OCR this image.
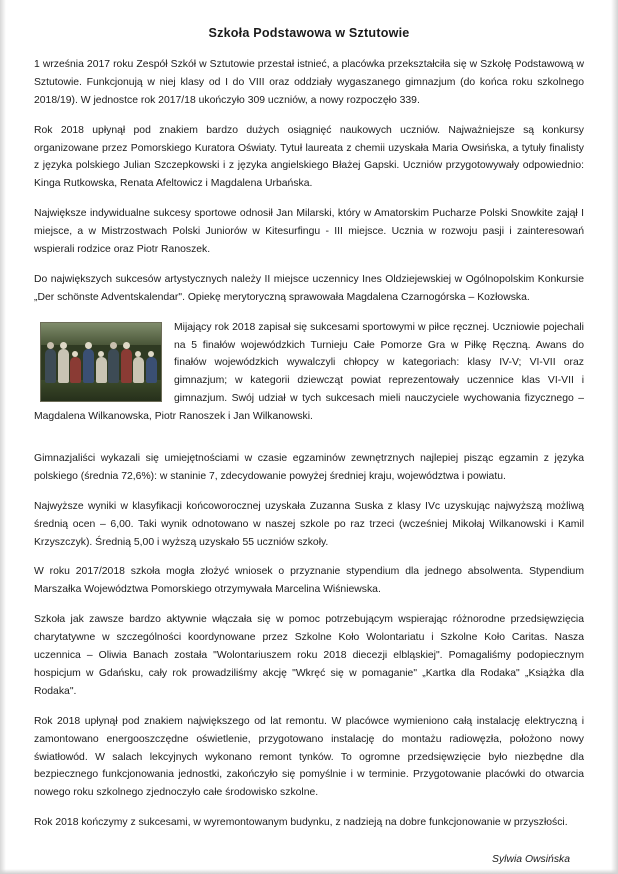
Szkoła Podstawowa w Sztutowie

1 września 2017 roku Zespół Szkół w Sztutowie przestał istnieć, a placówka przekształciła się w Szkołę Podstawową w Sztutowie. Funkcjonują w niej klasy od I do VIII oraz oddziały wygaszanego gimnazjum (do końca roku szkolnego 2018/19). W jednostce rok 2017/18 ukończyło 309 uczniów, a nowy rozpoczęło 339.

Rok 2018 upłynął pod znakiem bardzo dużych osiągnięć naukowych uczniów. Najważniejsze są konkursy organizowane przez Pomorskiego Kuratora Oświaty. Tytuł laureata z chemii uzyskała Maria Owsińska, a tytuły finalisty z języka polskiego Julian Szczepkowski i z języka angielskiego Błażej Gapski. Uczniów przygotowywały odpowiednio: Kinga Rutkowska, Renata Afeltowicz i Magdalena Urbańska.

Największe indywidualne sukcesy sportowe odnosił Jan Milarski, który w Amatorskim Pucharze Polski Snowkite zajął I miejsce, a w Mistrzostwach Polski Juniorów w Kitesurfingu - III miejsce. Ucznia w rozwoju pasji i zainteresowań wspierali rodzice oraz Piotr Ranoszek.

Do największych sukcesów artystycznych należy II miejsce uczennicy Ines Oldziejewskiej w Ogólnopolskim Konkursie „Der schönste Adventskalendar". Opiekę merytoryczną sprawowała Magdalena Czarnogórska – Kozłowska.

Mijający rok 2018 zapisał się sukcesami sportowymi w piłce ręcznej. Uczniowie pojechali na 5 finałów wojewódzkich Turnieju Całe Pomorze Gra w Piłkę Ręczną. Awans do finałów wojewódzkich wywalczyli chłopcy w kategoriach: klasy IV-V; VI-VII oraz gimnazjum; w kategorii dziewcząt powiat reprezentowały uczennice klas VI-VII i gimnazjum. Swój udział w tych sukcesach mieli nauczyciele wychowania fizycznego – Magdalena Wilkanowska, Piotr Ranoszek i Jan Wilkanowski.

Gimnazjaliści wykazali się umiejętnościami w czasie egzaminów zewnętrznych najlepiej pisząc egzamin z języka polskiego (średnia 72,6%): w staninie 7, zdecydowanie powyżej średniej kraju, województwa i powiatu.

Najwyższe wyniki w klasyfikacji końcoworocznej uzyskała Zuzanna Suska z klasy IVc uzyskując najwyższą możliwą średnią ocen – 6,00. Taki wynik odnotowano w naszej szkole po raz trzeci (wcześniej Mikołaj Wilkanowski i Kamil Krzyszczyk). Średnią 5,00 i wyższą uzyskało 55 uczniów szkoły.

W roku 2017/2018 szkoła mogła złożyć wniosek o przyznanie stypendium dla jednego absolwenta. Stypendium Marszałka Województwa Pomorskiego otrzymywała Marcelina Wiśniewska.

Szkoła jak zawsze bardzo aktywnie włączała się w pomoc potrzebującym wspierając różnorodne przedsięwzięcia charytatywne w szczególności koordynowane przez Szkolne Koło Wolontariatu i Szkolne Koło Caritas. Nasza uczennica – Oliwia Banach została "Wolontariuszem roku 2018 diecezji elbląskiej". Pomagaliśmy podopiecznym hospicjum w Gdańsku, cały rok prowadziliśmy akcję "Wkręć się w pomaganie" „Kartka dla Rodaka" „Książka dla Rodaka".

Rok 2018 upłynął pod znakiem największego od lat remontu. W placówce wymieniono całą instalację elektryczną i zamontowano energooszczędne oświetlenie, przygotowano instalację do montażu radiowęzła, położono nowy światłowód. W salach lekcyjnych wykonano remont tynków. To ogromne przedsięwzięcie było niezbędne dla bezpiecznego funkcjonowania jednostki, zakończyło się pomyślnie i w terminie. Przygotowanie placówki do otwarcia nowego roku szkolnego zjednoczyło całe środowisko szkolne.

Rok 2018 kończymy z sukcesami, w wyremontowanym budynku, z nadzieją na dobre funkcjonowanie w przyszłości.

Sylwia Owsińska
